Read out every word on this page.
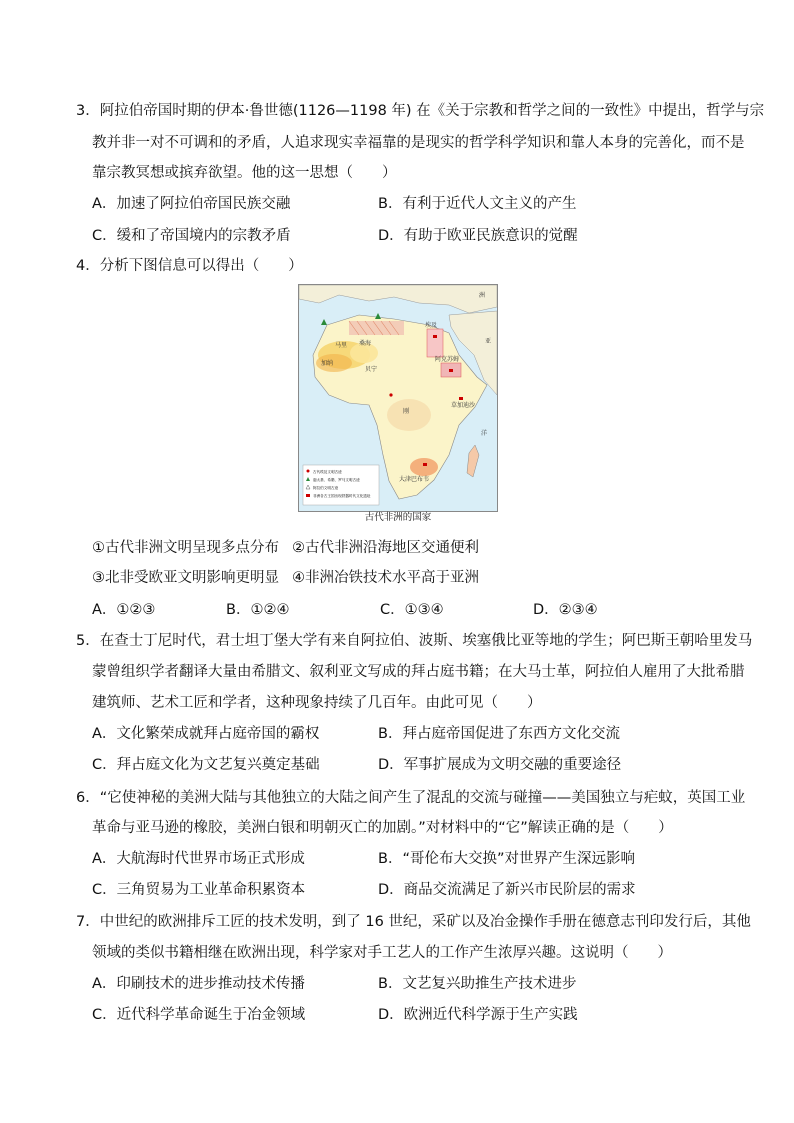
3．阿拉伯帝国时期的伊本·鲁世德(1126—1198 年) 在《关于宗教和哲学之间的一致性》中提出，哲学与宗
教并非一对不可调和的矛盾，人追求现实幸福靠的是现实的哲学科学知识和靠人本身的完善化，而不是
靠宗教冥想或摈弃欲望。他的这一思想（　　）
A．加速了阿拉伯帝国民族交融	B．有利于近代人文主义的产生
C．缓和了帝国境内的宗教矛盾	D．有助于欧亚民族意识的觉醒
4．分析下图信息可以得出（　　）
马里 桑海
加纳
贝宁
埃及
阿克苏姆
刚
草加迪沙
大津巴布韦
洲
亚
洋
古代埃及文明古迹
迦太基、希腊、罗马文明古迹
阿拉伯文明古迹
非洲各古王国出现铁器时代文化遗址
古代非洲的国家
①古代非洲文明呈现多点分布 ②古代非洲沿海地区交通便利
③北非受欧亚文明影响更明显 ④非洲冶铁技术水平高于亚洲
A．①②③	B．①②④	C．①③④	D．②③④
5．在查士丁尼时代，君士坦丁堡大学有来自阿拉伯、波斯、埃塞俄比亚等地的学生；阿巴斯王朝哈里发马
蒙曾组织学者翻译大量由希腊文、叙利亚文写成的拜占庭书籍；在大马士革，阿拉伯人雇用了大批希腊
建筑师、艺术工匠和学者，这种现象持续了几百年。由此可见（　　）
A．文化繁荣成就拜占庭帝国的霸权	B．拜占庭帝国促进了东西方文化交流
C．拜占庭文化为文艺复兴奠定基础	D．军事扩展成为文明交融的重要途径
6．“它使神秘的美洲大陆与其他独立的大陆之间产生了混乱的交流与碰撞——美国独立与疟蚊，英国工业
革命与亚马逊的橡胶，美洲白银和明朝灭亡的加剧。”对材料中的“它”解读正确的是（　　）
A．大航海时代世界市场正式形成	B．“哥伦布大交换”对世界产生深远影响
C．三角贸易为工业革命积累资本	D．商品交流满足了新兴市民阶层的需求
7．中世纪的欧洲排斥工匠的技术发明，到了 16 世纪，采矿以及冶金操作手册在德意志刊印发行后，其他
领域的类似书籍相继在欧洲出现，科学家对手工艺人的工作产生浓厚兴趣。这说明（　　）
A．印刷技术的进步推动技术传播	B．文艺复兴助推生产技术进步
C．近代科学革命诞生于冶金领域	D．欧洲近代科学源于生产实践
